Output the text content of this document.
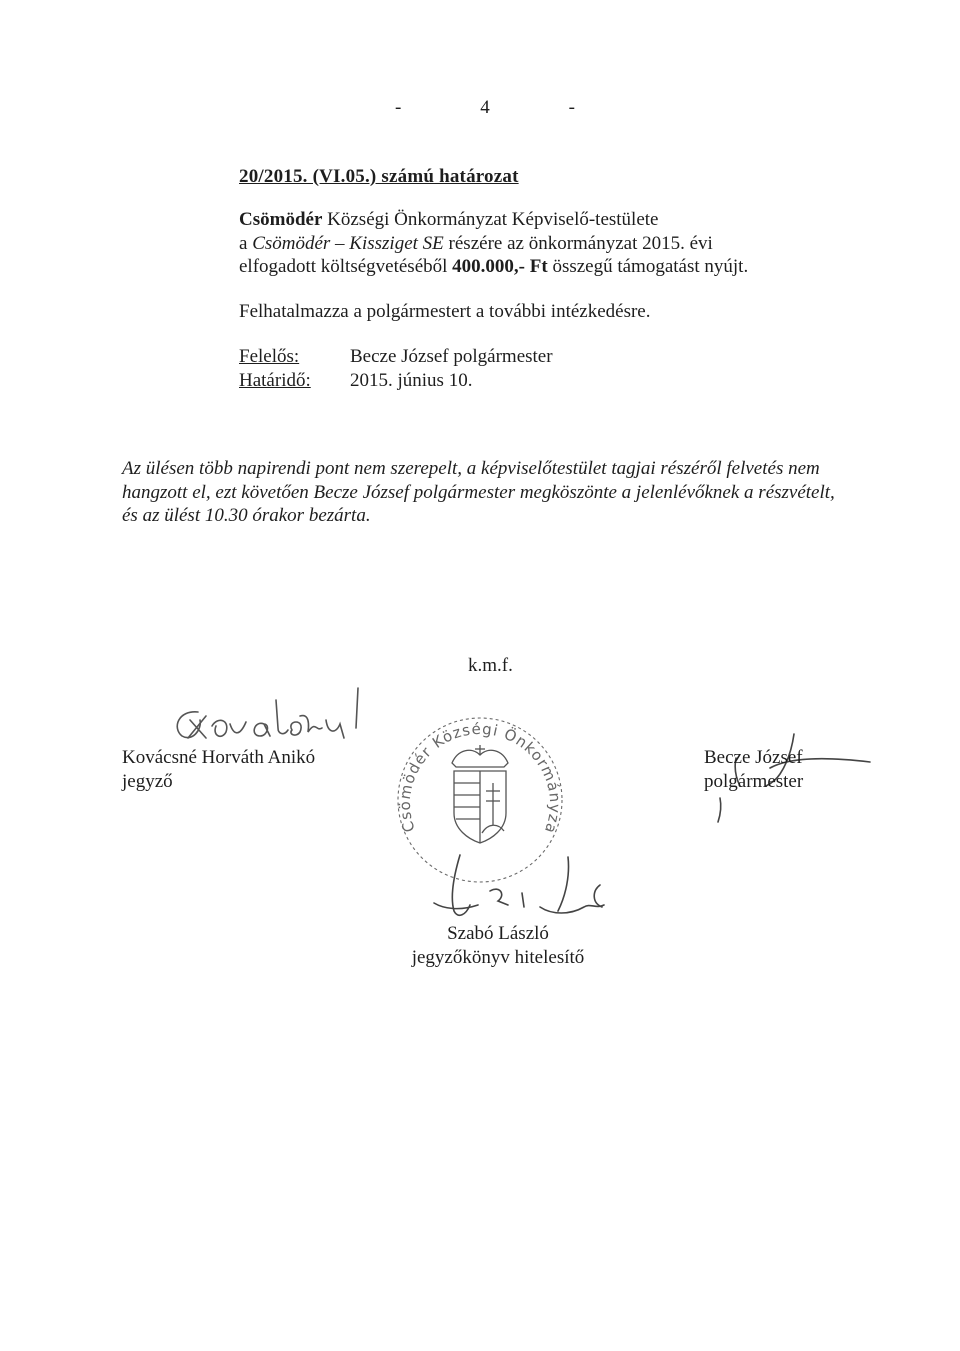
-	4	-
20/2015. (VI.05.) számú határozat
Csömödér Községi Önkormányzat Képviselő-testülete
a Csömödér – Kissziget SE részére az önkormányzat 2015. évi
elfogadott költségvetéséből 400.000,- Ft összegű támogatást nyújt.
Felhatalmazza a polgármestert a további intézkedésre.
Felelős:	Becze József polgármester
Határidő: 2015. június 10.
Az ülésen több napirendi pont nem szerepelt, a képviselőtestület tagjai részéről felvetés nem hangzott el, ezt követően Becze József polgármester megköszönte a jelenlévőknek a részvételt, és az ülést 10.30 órakor bezárta.
k.m.f.
Kovácsné Horváth Anikó
jegyző
Csömödér Községi Önkormányzat Képviselő-testülete
Becze József
polgármester
Szabó László
jegyzőkönyv hitelesítő
